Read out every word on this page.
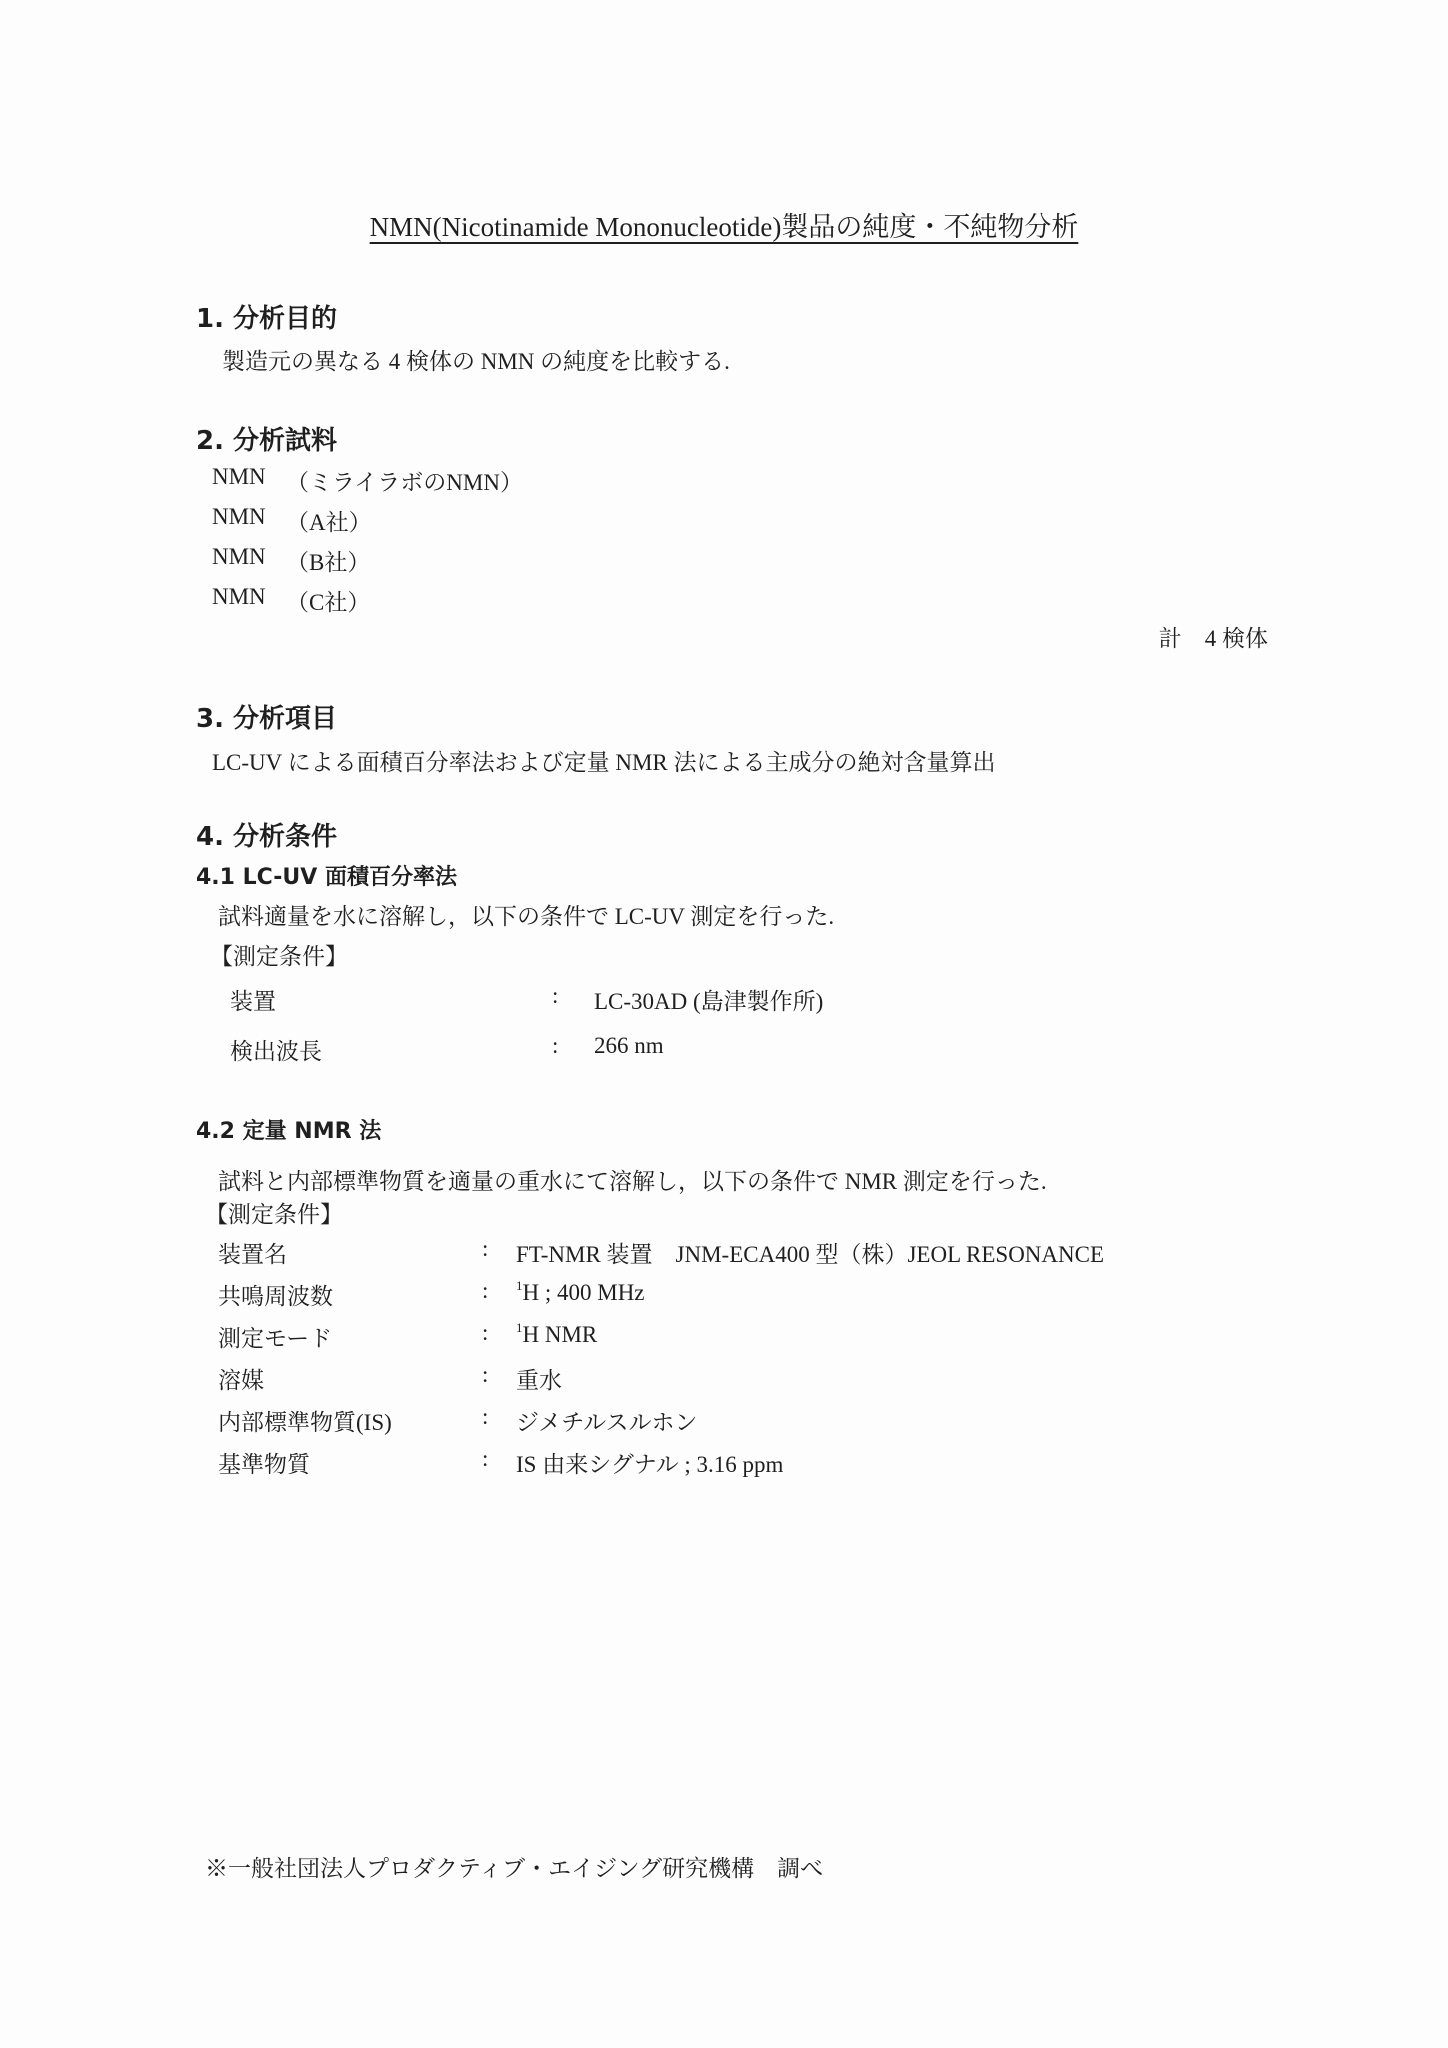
NMN(Nicotinamide Mononucleotide)製品の純度・不純物分析
1. 分析目的
製造元の異なる 4 検体の NMN の純度を比較する.
2. 分析試料
NMN （ミライラボのNMN）
NMN （A社）
NMN （B社）
NMN （C社）
計　4 検体
3. 分析項目
LC-UV による面積百分率法および定量 NMR 法による主成分の絶対含量算出
4. 分析条件
4.1 LC-UV 面積百分率法
試料適量を水に溶解し，以下の条件で LC-UV 測定を行った.
【測定条件】
装置	: LC-30AD (島津製作所)
検出波長	: 266 nm
4.2 定量 NMR 法
試料と内部標準物質を適量の重水にて溶解し，以下の条件で NMR 測定を行った.
【測定条件】
装置名	: FT-NMR 装置　JNM-ECA400 型（株）JEOL RESONANCE
共鳴周波数	: $^1$H ; 400 MHz
測定モード	: $^1$H NMR
溶媒	: 重水
内部標準物質(IS)	: ジメチルスルホン
基準物質	: IS 由来シグナル ; 3.16 ppm
※一般社団法人プロダクティブ・エイジング研究機構　調べ
